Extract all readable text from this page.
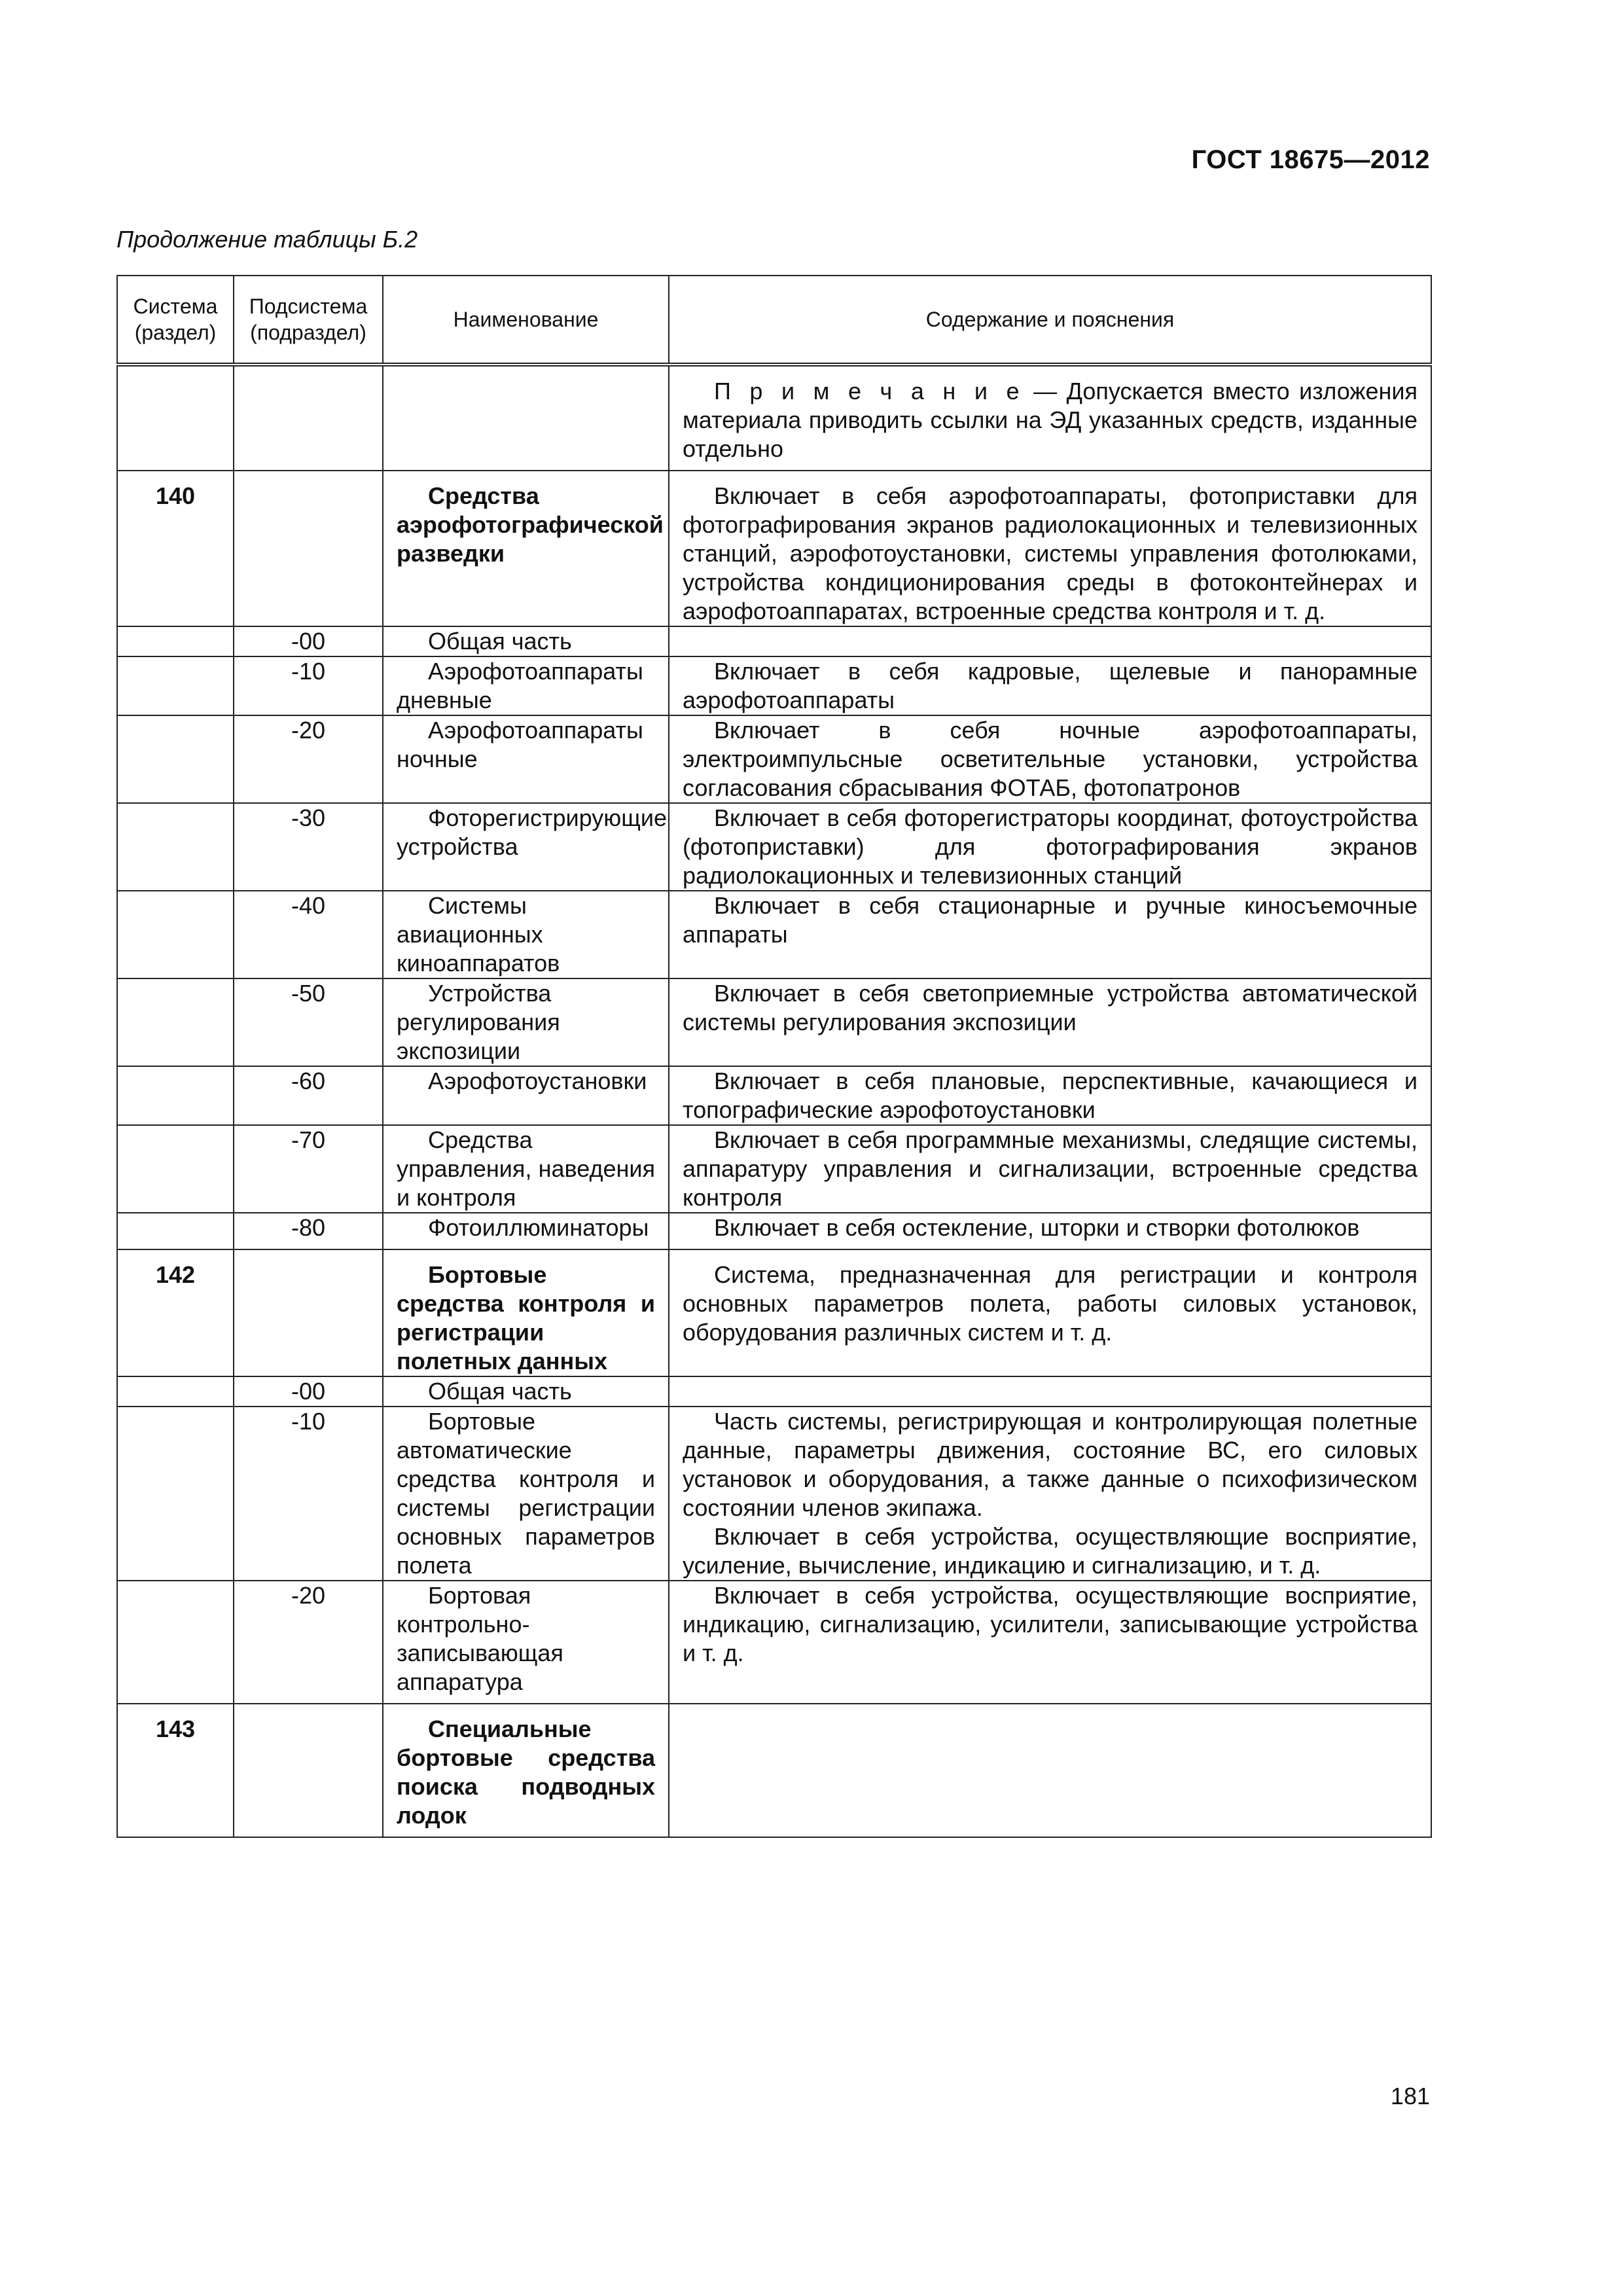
ГОСТ 18675—2012
Продолжение таблицы Б.2
Система (раздел)	Подсистема (подраздел)	Наименование	Содержание и пояснения
			П р и м е ч а н и е — Допускается вместо изложения материала приводить ссылки на ЭД указанных средств, изданные отдельно
140		Средства аэрофотографической разведки	Включает в себя аэрофотоаппараты, фотоприставки для фотографирования экранов радиолокационных и телевизионных станций, аэрофотоустановки, системы управления фотолюками, устройства кондиционирования среды в фотоконтейнерах и аэрофотоаппаратах, встроенные средства контроля и т. д.
	-00	Общая часть	
	-10	Аэрофотоаппараты дневные	Включает в себя кадровые, щелевые и панорамные аэрофотоаппараты
	-20	Аэрофотоаппараты ночные	Включает в себя ночные аэрофотоаппараты, электроимпульсные осветительные установки, устройства согласования сбрасывания ФОТАБ, фотопатронов
	-30	Фоторегистрирующие устройства	Включает в себя фоторегистраторы координат, фотоустройства (фотоприставки) для фотографирования экранов радиолокационных и телевизионных станций
	-40	Системы авиационных киноаппаратов	Включает в себя стационарные и ручные киносъемочные аппараты
	-50	Устройства регулирования экспозиции	Включает в себя светоприемные устройства автоматической системы регулирования экспозиции
	-60	Аэрофотоустановки	Включает в себя плановые, перспективные, качающиеся и топографические аэрофотоустановки
	-70	Средства управления, наведения и контроля	Включает в себя программные механизмы, следящие системы, аппаратуру управления и сигнализации, встроенные средства контроля
	-80	Фотоиллюминаторы	Включает в себя остекление, шторки и створки фотолюков
142		Бортовые средства контроля и регистрации полетных данных	Система, предназначенная для регистрации и контроля основных параметров полета, работы силовых установок, оборудования различных систем и т. д.
	-00	Общая часть	
	-10	Бортовые автоматические средства контроля и системы регистрации основных параметров полета	Часть системы, регистрирующая и контролирующая полетные данные, параметры движения, состояние ВС, его силовых установок и оборудования, а также данные о психофизическом состоянии членов экипажа.

Включает в себя устройства, осуществляющие восприятие, усиление, вычисление, индикацию и сигнализацию, и т. д.

	-20	Бортовая контрольно-записывающая аппаратура	Включает в себя устройства, осуществляющие восприятие, индикацию, сигнализацию, усилители, записывающие устройства и т. д.
143		Специальные бортовые средства поиска подводных лодок	
181
